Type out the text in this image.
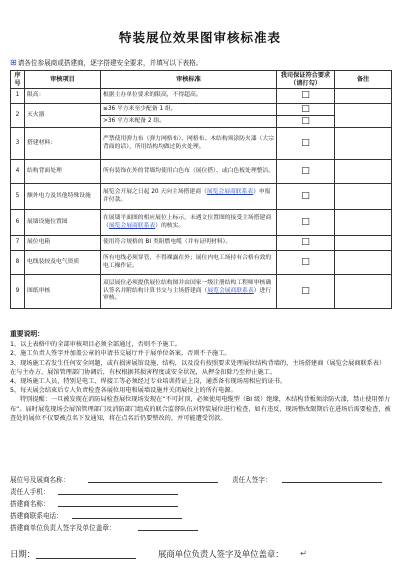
特装展位效果图审核标准表
⊞请各位参展商或搭建商，逐字搭建安全要求，并填写以下表格。
序号	审核项目	审核标准	我司保证符合要求（请打勾）	备注
1	限高：	根据主办单位要求的限高，不得超高。	□	
2	灭火器	≤36 平方米至少配备 1 组，	□	
		>36 平方米配备 2 组。	□	
3	搭建材料：	严禁使用弹力布（弹力网格布）、网格布、木结构须涂防火漆（大宗背面的话），所用结构均做过防火处理。	□	
4	结构背面处理	所有装饰在外的背墙均使用白色布（展位搭）、或白色板处理整洁。	□	
5	额外电力及其他特殊设施	展览会开展之日起 20 天向主场搭建商（展览会展商联系表）申报并付款。	□	
6	展墙设施位置图	在展墙平面图的相应展位上标示，未遇文位置图的接受主场搭建商（展览会展商联系表）的核实。	□	
7	展位电箱	使用符合规格的 BI 类阻燃电缆（并有证明材料）。	□	
8	电线装较及电气资质	所有电线必须穿管，不得裸露在外；展位内电工场持有合格有效的电工操作证。	□	
9	图纸审核	双层展位必须提供展位结构图并由国家一级注册结构工程师审核确认签名并附结构计算书交与主场搭建商（展览会展商联系表）进行审核。	□	
重要说明：

1、以上表格中的全部审核项目必须全部通过，否则不予施工。

2、施工负责人签字并加盖公章的申请书交展厅并于展单位备案，否则不予施工。

3、现场施工若发生任何安全问题，或有损害展馆设施、结构，以及没有按照要求处理展位结构背墙的，主场搭建商（展览会展商联系表）在与主办方、展馆管理部门协调后，有权根据其损害程度或安全状况，从押金扣除乃至停止施工。

4、现场施工人员，特别是电工、焊接工等必须经过专业培训持证上岗，通票备有现场用相应的证书。

5、每天展会结束后专人负责检查各展位用电和展墙设施并关闭展位上的所有电源。

特别提醒：一旦被发现在消防局检查展位现场发现在“不可封顶，必须使用电缆型（BI 级）绝缘，木结构背板须涂防火漆，禁止使用弹力布”。届时展览现场会展馆管理部门及消防部门组成的联合监督队伍对特装展位进行检查，如有违反，现场整改限期后在进场后需要检查，被查处的展位不仅要被点名下发通知，将在点名后仍要整改的，并可能遭受罚款。

展位号及展商名称：	责任人签字：
责任人手机：
搭建商名称：
搭建商联系电话：
搭建商单位负责人签字及单位盖章：
日期：	展商单位负责人签字及单位盖章： ↵
